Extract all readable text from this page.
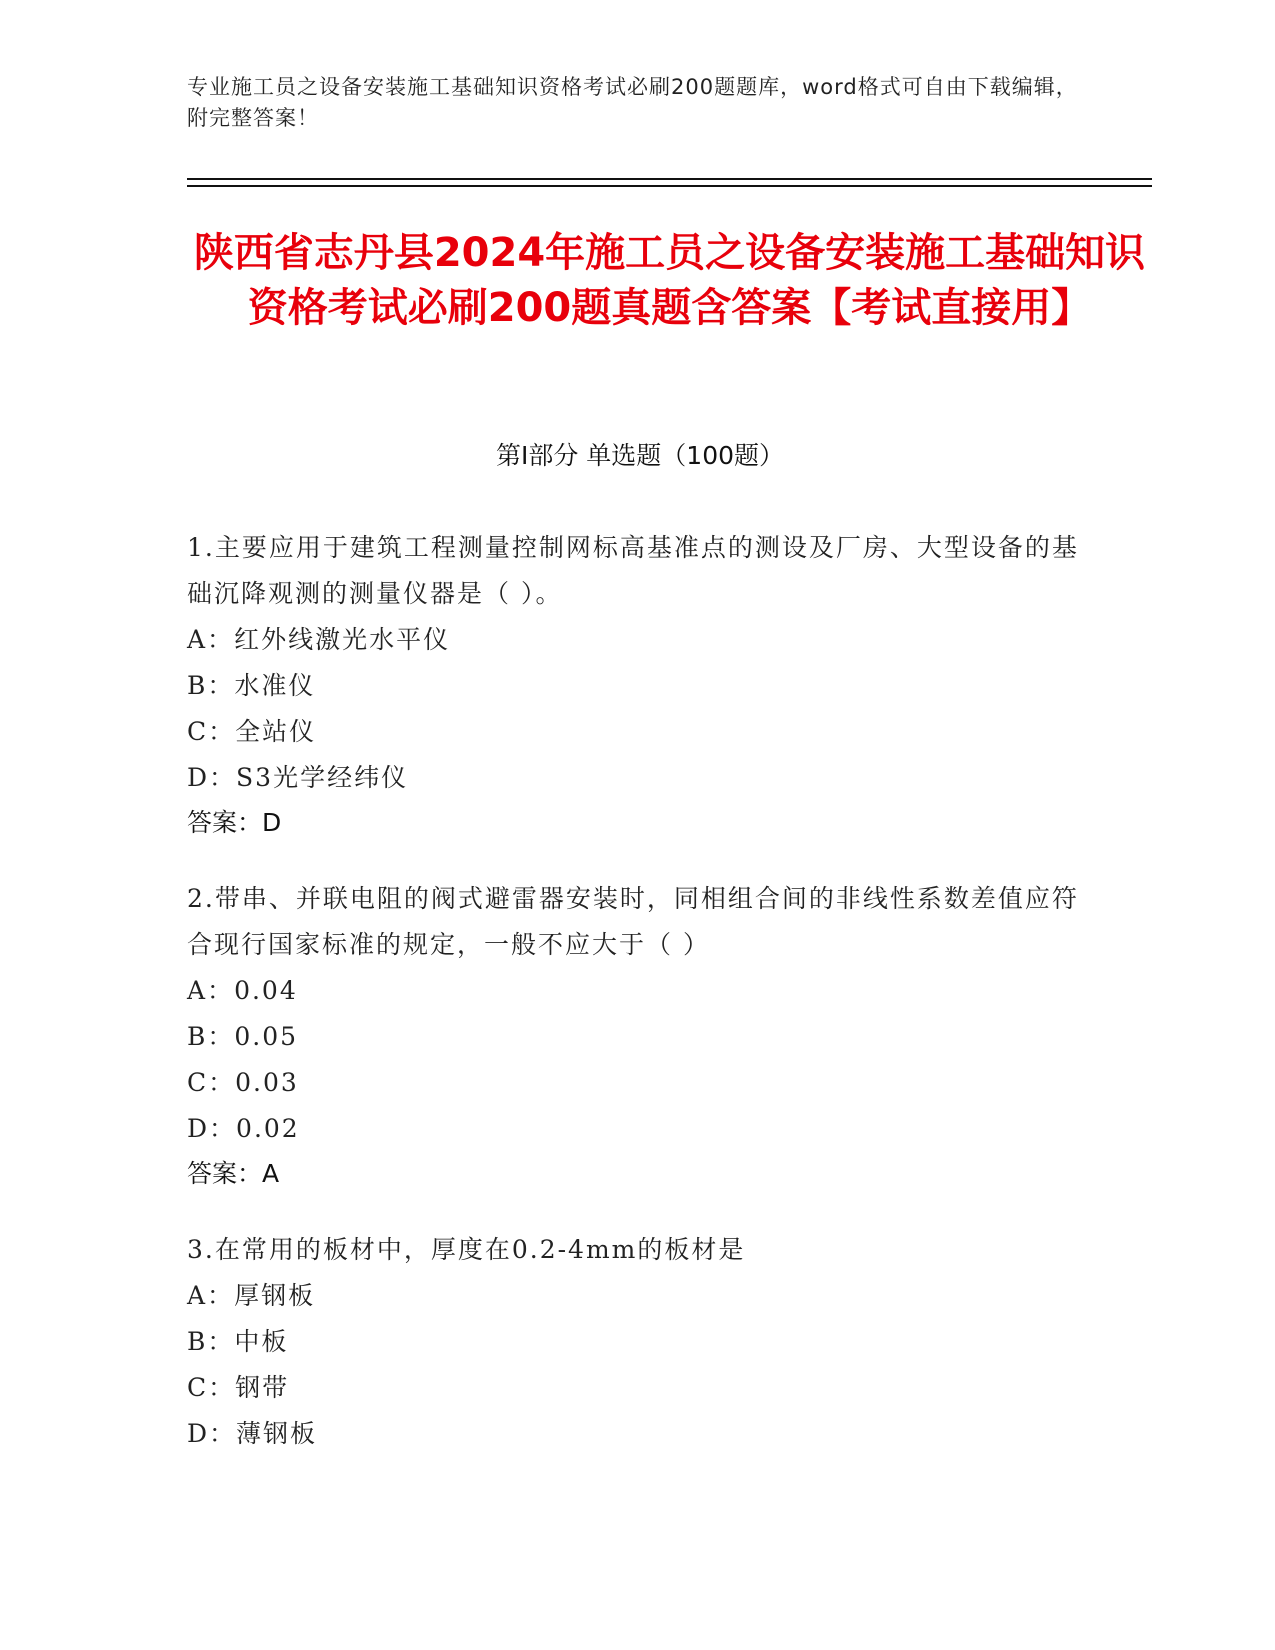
专业施工员之设备安装施工基础知识资格考试必刷200题题库，word格式可自由下载编辑，附完整答案！
陕西省志丹县2024年施工员之设备安装施工基础知识资格考试必刷200题真题含答案【考试直接用】
第Ⅰ部分 单选题（100题）

1.主要应用于建筑工程测量控制网标高基准点的测设及厂房、大型设备的基础沉降观测的测量仪器是（ ）。

A：红外线激光水平仪

B：水准仪

C：全站仪

D：S3光学经纬仪

答案：D

2.带串、并联电阻的阀式避雷器安装时，同相组合间的非线性系数差值应符合现行国家标准的规定，一般不应大于（ ）

A：0.04

B：0.05

C：0.03

D：0.02

答案：A

3.在常用的板材中，厚度在0.2-4mm的板材是

A：厚钢板

B：中板

C：钢带

D：薄钢板
